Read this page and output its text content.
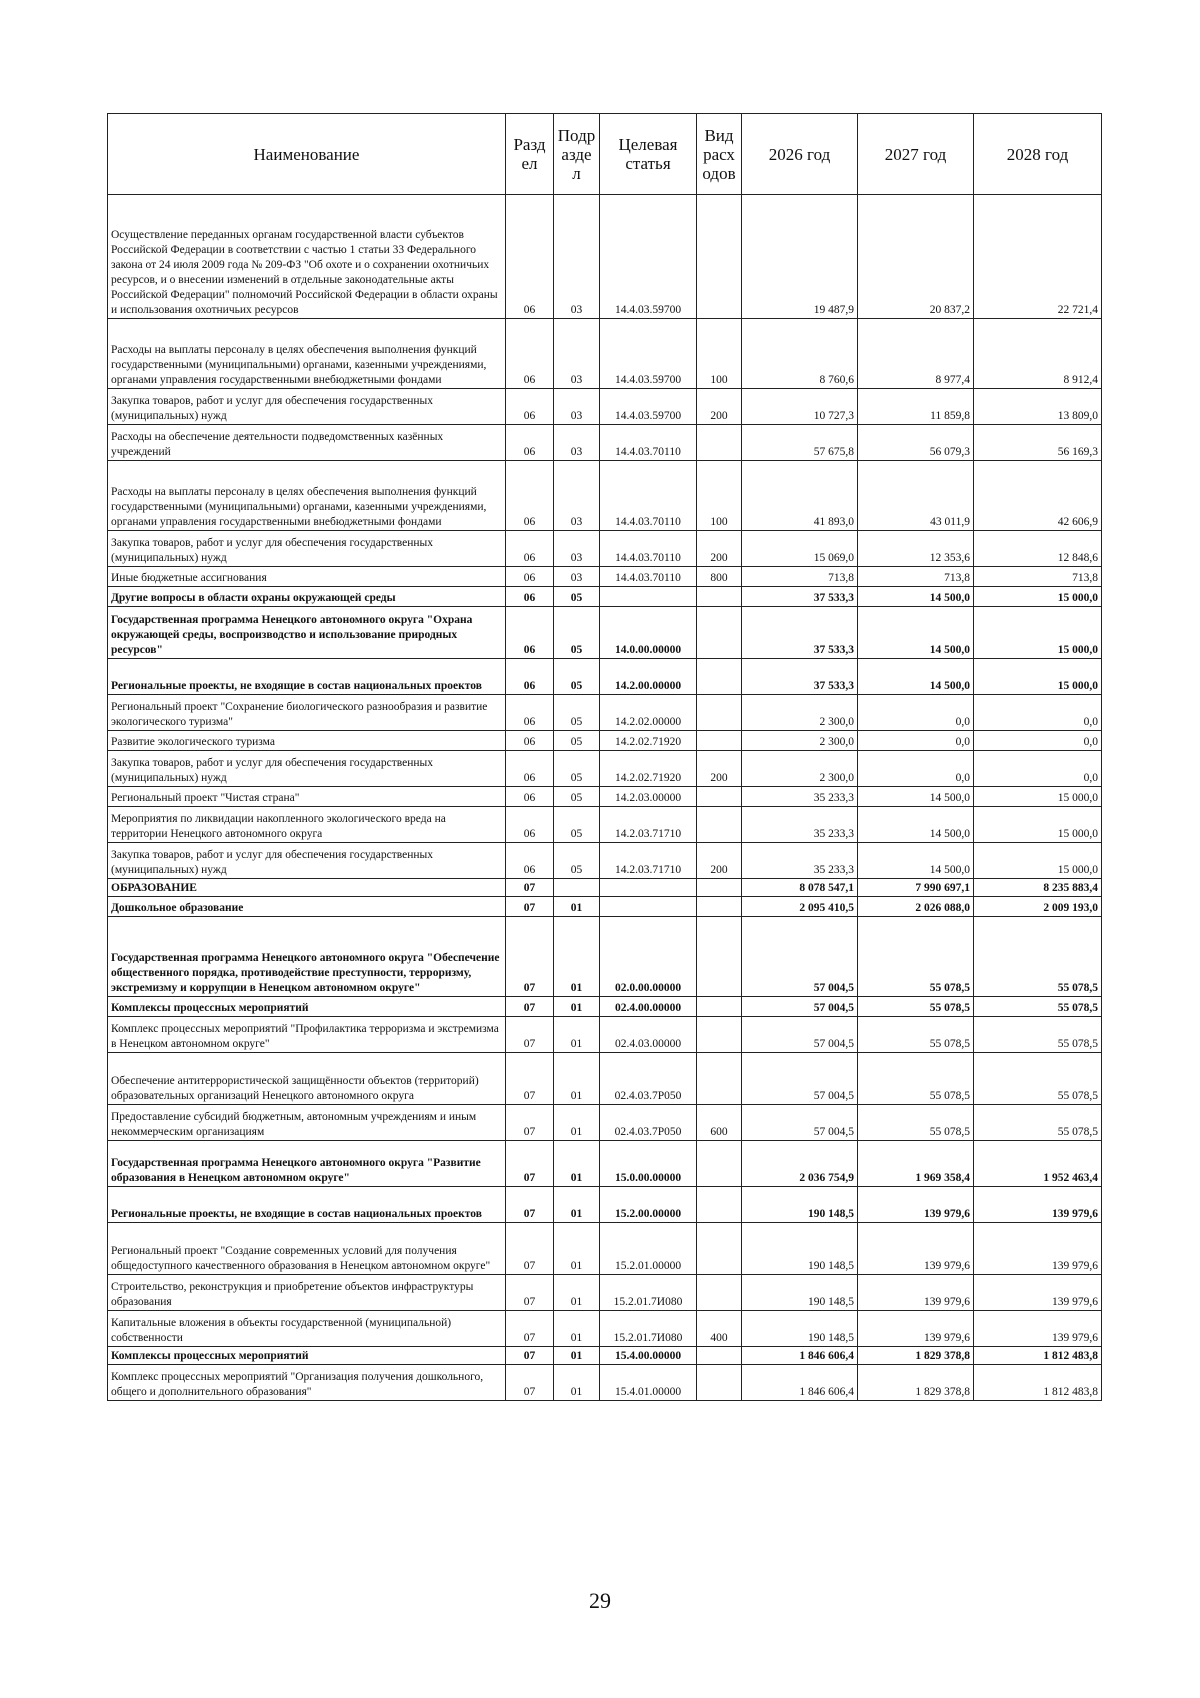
Наименование	Разд ел	Подр азде л	Целевая статья	Вид расх одов	2026 год	2027 год	2028 год
Осуществление переданных органам государственной власти субъектов Российской Федерации в соответствии с частью 1 статьи 33 Федерального закона от 24 июля 2009 года № 209-ФЗ "Об охоте и о сохранении охотничьих ресурсов, и о внесении изменений в отдельные законодательные акты Российской Федерации" полномочий Российской Федерации в области охраны и использования охотничьих ресурсов	06	03	14.4.03.59700		19 487,9	20 837,2	22 721,4
Расходы на выплаты персоналу в целях обеспечения выполнения функций государственными (муниципальными) органами, казенными учреждениями, органами управления государственными внебюджетными фондами	06	03	14.4.03.59700	100	8 760,6	8 977,4	8 912,4
Закупка товаров, работ и услуг для обеспечения государственных (муниципальных) нужд	06	03	14.4.03.59700	200	10 727,3	11 859,8	13 809,0
Расходы на обеспечение деятельности подведомственных казённых учреждений	06	03	14.4.03.70110		57 675,8	56 079,3	56 169,3
Расходы на выплаты персоналу в целях обеспечения выполнения функций государственными (муниципальными) органами, казенными учреждениями, органами управления государственными внебюджетными фондами	06	03	14.4.03.70110	100	41 893,0	43 011,9	42 606,9
Закупка товаров, работ и услуг для обеспечения государственных (муниципальных) нужд	06	03	14.4.03.70110	200	15 069,0	12 353,6	12 848,6
Иные бюджетные ассигнования	06	03	14.4.03.70110	800	713,8	713,8	713,8
Другие вопросы в области охраны окружающей среды	06	05			37 533,3	14 500,0	15 000,0
Государственная программа Ненецкого автономного округа "Охрана окружающей среды, воспроизводство и использование природных ресурсов"	06	05	14.0.00.00000		37 533,3	14 500,0	15 000,0
Региональные проекты, не входящие в состав национальных проектов	06	05	14.2.00.00000		37 533,3	14 500,0	15 000,0
Региональный проект "Сохранение биологического разнообразия и развитие экологического туризма"	06	05	14.2.02.00000		2 300,0	0,0	0,0
Развитие экологического туризма	06	05	14.2.02.71920		2 300,0	0,0	0,0
Закупка товаров, работ и услуг для обеспечения государственных (муниципальных) нужд	06	05	14.2.02.71920	200	2 300,0	0,0	0,0
Региональный проект "Чистая страна"	06	05	14.2.03.00000		35 233,3	14 500,0	15 000,0
Мероприятия по ликвидации накопленного экологического вреда на территории Ненецкого автономного округа	06	05	14.2.03.71710		35 233,3	14 500,0	15 000,0
Закупка товаров, работ и услуг для обеспечения государственных (муниципальных) нужд	06	05	14.2.03.71710	200	35 233,3	14 500,0	15 000,0
ОБРАЗОВАНИЕ	07				8 078 547,1	7 990 697,1	8 235 883,4
Дошкольное образование	07	01			2 095 410,5	2 026 088,0	2 009 193,0
Государственная программа Ненецкого автономного округа "Обеспечение общественного порядка, противодействие преступности, терроризму, экстремизму и коррупции в Ненецком автономном округе"	07	01	02.0.00.00000		57 004,5	55 078,5	55 078,5
Комплексы процессных мероприятий	07	01	02.4.00.00000		57 004,5	55 078,5	55 078,5
Комплекс процессных мероприятий "Профилактика терроризма и экстремизма в Ненецком автономном округе"	07	01	02.4.03.00000		57 004,5	55 078,5	55 078,5
Обеспечение антитеррористической защищённости объектов (территорий) образовательных организаций Ненецкого автономного округа	07	01	02.4.03.7Р050		57 004,5	55 078,5	55 078,5
Предоставление субсидий бюджетным, автономным учреждениям и иным некоммерческим организациям	07	01	02.4.03.7Р050	600	57 004,5	55 078,5	55 078,5
Государственная программа Ненецкого автономного округа "Развитие образования в Ненецком автономном округе"	07	01	15.0.00.00000		2 036 754,9	1 969 358,4	1 952 463,4
Региональные проекты, не входящие в состав национальных проектов	07	01	15.2.00.00000		190 148,5	139 979,6	139 979,6
Региональный проект "Создание современных условий для получения общедоступного качественного образования в Ненецком автономном округе"	07	01	15.2.01.00000		190 148,5	139 979,6	139 979,6
Строительство, реконструкция и приобретение объектов инфраструктуры образования	07	01	15.2.01.7И080		190 148,5	139 979,6	139 979,6
Капитальные вложения в объекты государственной (муниципальной) собственности	07	01	15.2.01.7И080	400	190 148,5	139 979,6	139 979,6
Комплексы процессных мероприятий	07	01	15.4.00.00000		1 846 606,4	1 829 378,8	1 812 483,8
Комплекс процессных мероприятий "Организация получения дошкольного, общего и дополнительного образования"	07	01	15.4.01.00000		1 846 606,4	1 829 378,8	1 812 483,8
29
